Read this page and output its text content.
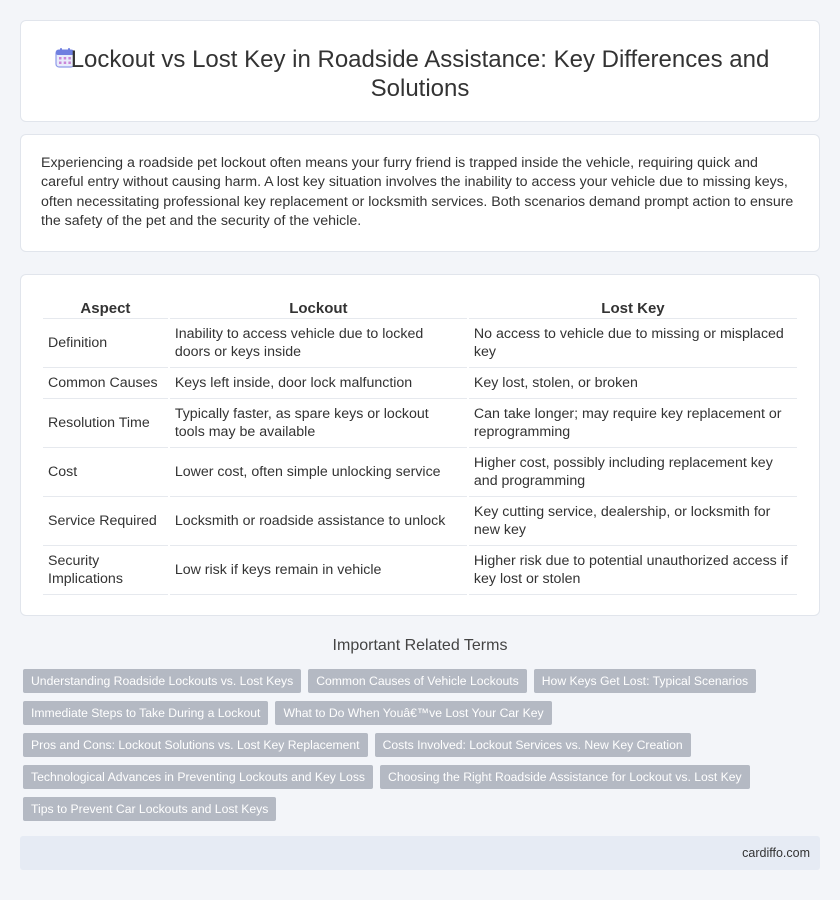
Lockout vs Lost Key in Roadside Assistance: Key Differences and Solutions

Experiencing a roadside pet lockout often means your furry friend is trapped inside the vehicle, requiring quick and careful entry without causing harm. A lost key situation involves the inability to access your vehicle due to missing keys, often necessitating professional key replacement or locksmith services. Both scenarios demand prompt action to ensure the safety of the pet and the security of the vehicle.

Aspect	Lockout	Lost Key
Definition	Inability to access vehicle due to locked doors or keys inside	No access to vehicle due to missing or misplaced key
Common Causes	Keys left inside, door lock malfunction	Key lost, stolen, or broken
Resolution Time	Typically faster, as spare keys or lockout tools may be available	Can take longer; may require key replacement or reprogramming
Cost	Lower cost, often simple unlocking service	Higher cost, possibly including replacement key and programming
Service Required	Locksmith or roadside assistance to unlock	Key cutting service, dealership, or locksmith for new key
Security Implications	Low risk if keys remain in vehicle	Higher risk due to potential unauthorized access if key lost or stolen
Important Related Terms
Understanding Roadside Lockouts vs. Lost Keys	Common Causes of Vehicle Lockouts	How Keys Get Lost: Typical Scenarios
Immediate Steps to Take During a Lockout	What to Do When Youâ€™ve Lost Your Car Key
Pros and Cons: Lockout Solutions vs. Lost Key Replacement	Costs Involved: Lockout Services vs. New Key Creation
Technological Advances in Preventing Lockouts and Key Loss	Choosing the Right Roadside Assistance for Lockout vs. Lost Key
Tips to Prevent Car Lockouts and Lost Keys
cardiffo.com
